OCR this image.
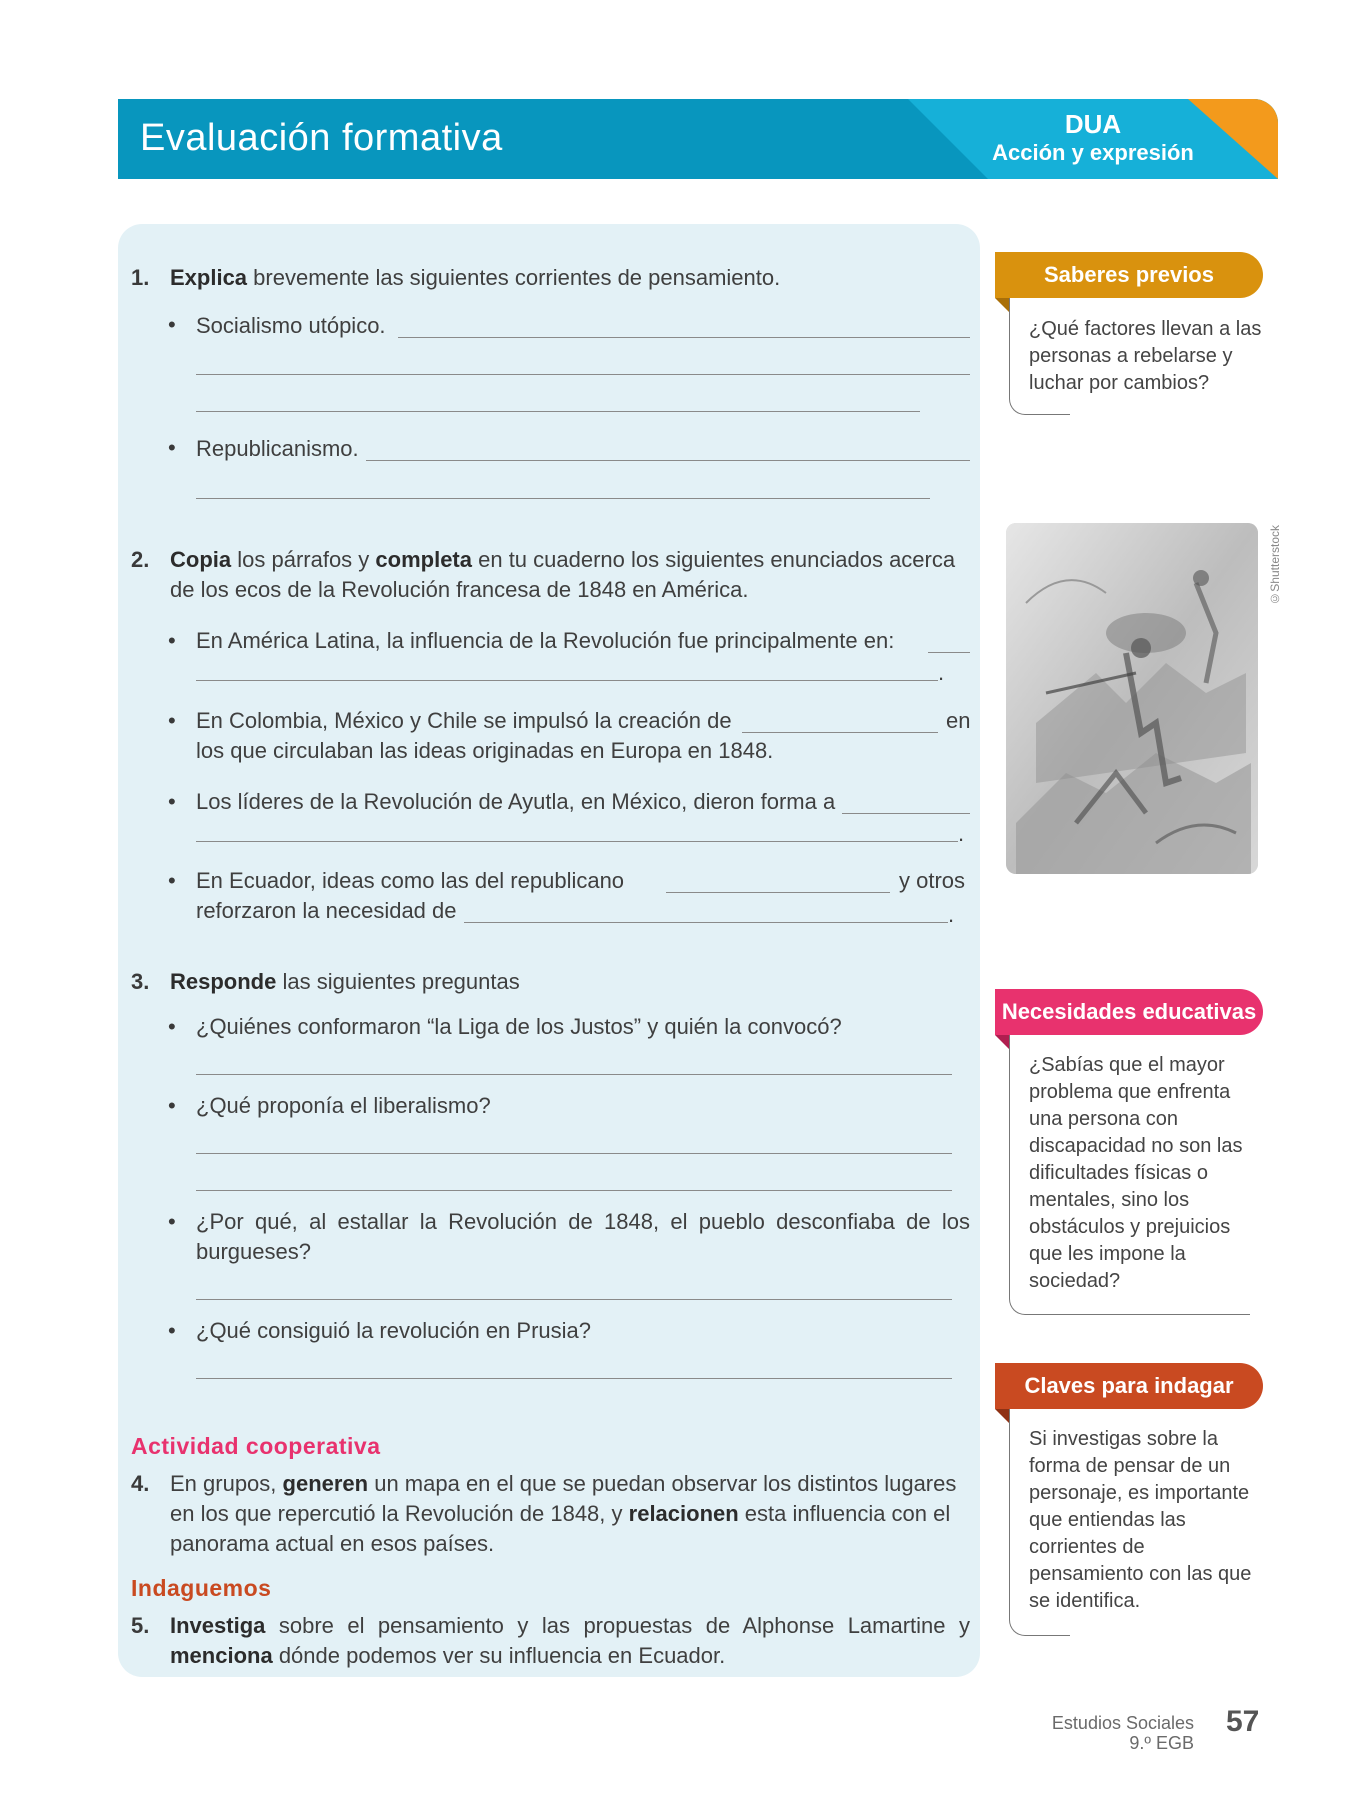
Evaluación formativa	DUA
Acción y expresión
1. Explica brevemente las siguientes corrientes de pensamiento.
• Socialismo utópico.
• Republicanismo.
2. Copia los párrafos y completa en tu cuaderno los siguientes enunciados acerca
de los ecos de la Revolución francesa de 1848 en América.
• En América Latina, la influencia de la Revolución fue principalmente en:
.
• En Colombia, México y Chile se impulsó la creación de	en
los que circulaban las ideas originadas en Europa en 1848.
• Los líderes de la Revolución de Ayutla, en México, dieron forma a
.
• En Ecuador, ideas como las del republicano	y otros
reforzaron la necesidad de	.
3. Responde las siguientes preguntas
• ¿Quiénes conformaron “la Liga de los Justos” y quién la convocó?
• ¿Qué proponía el liberalismo?
• ¿Por qué, al estallar la Revolución de 1848, el pueblo desconfiaba de los
burgueses?
• ¿Qué consiguió la revolución en Prusia?
Actividad cooperativa
4. En grupos, generen un mapa en el que se puedan observar los distintos lugares
en los que repercutió la Revolución de 1848, y relacionen esta influencia con el
panorama actual en esos países.
Indaguemos
5. Investiga sobre el pensamiento y las propuestas de Alphonse Lamartine y
menciona dónde podemos ver su influencia en Ecuador.
Saberes previos
¿Qué factores llevan a las
personas a rebelarse y
luchar por cambios?
©Shutterstock
Necesidades educativas
¿Sabías que el mayor
problema que enfrenta
una persona con
discapacidad no son las
dificultades físicas o
mentales, sino los
obstáculos y prejuicios
que les impone la
sociedad?
Claves para indagar
Si investigas sobre la
forma de pensar de un
personaje, es importante
que entiendas las
corrientes de
pensamiento con las que
se identifica.
Estudios Sociales
9.º EGB
57
